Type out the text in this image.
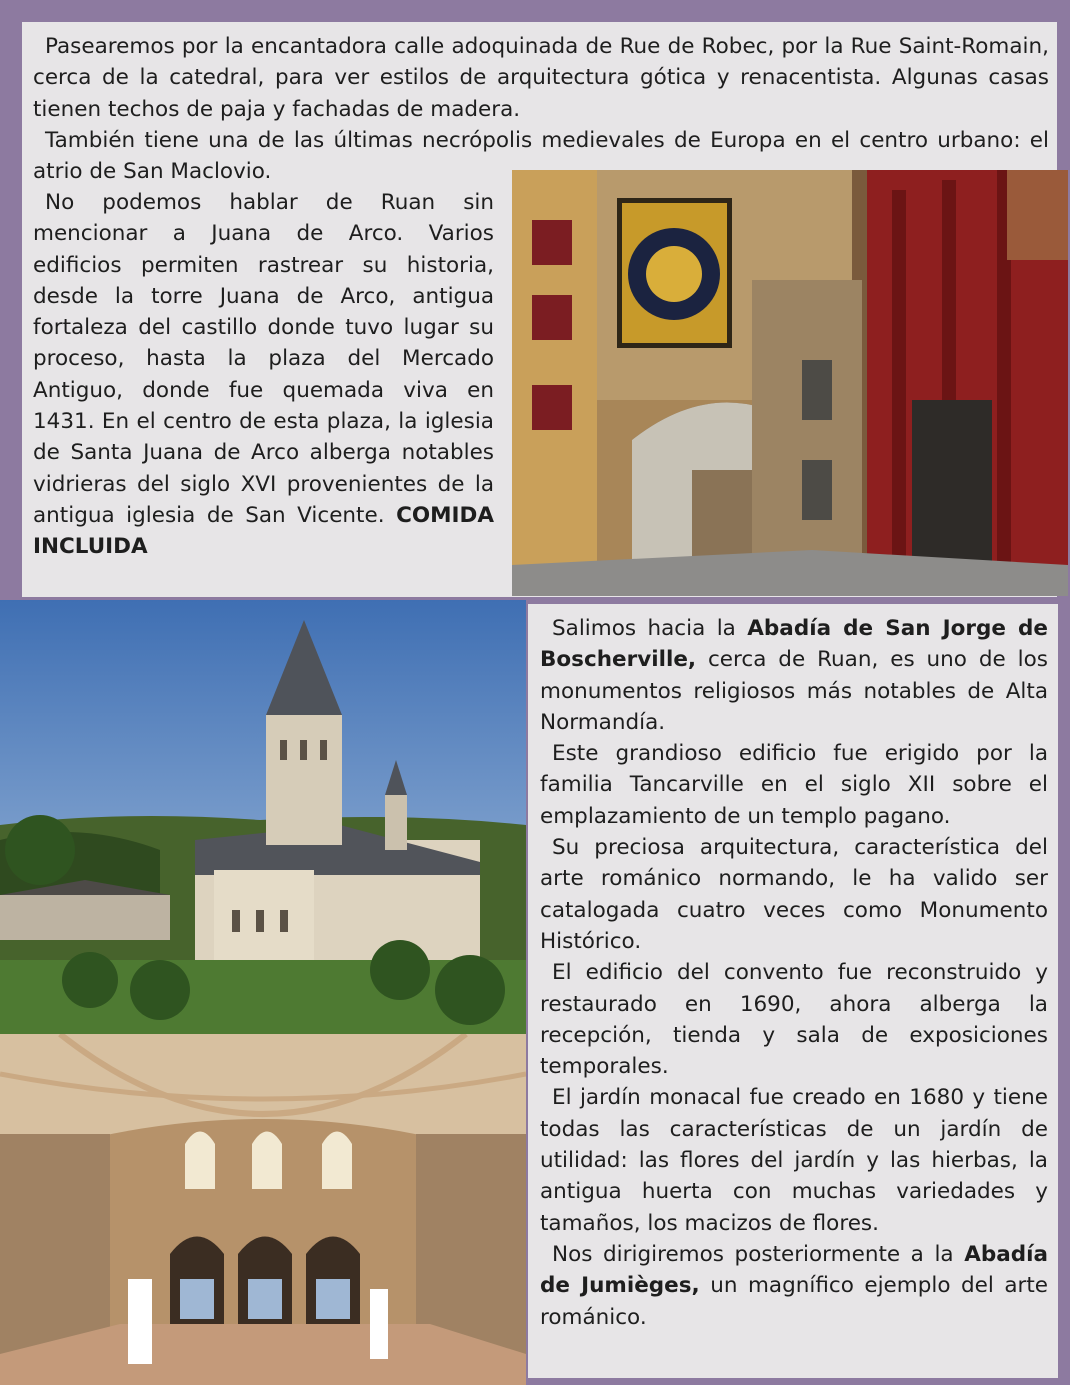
Pasearemos por la encantadora calle adoquinada de Rue de Robec, por la Rue Saint-Romain, cerca de la catedral, para ver estilos de arquitectura gótica y renacentista. Algunas casas tienen techos de paja y fachadas de madera.

También tiene una de las últimas necrópolis medievales de Europa en el centro urbano: el atrio de San Maclovio.

No podemos hablar de Ruan sin mencionar a Juana de Arco. Varios edificios permiten rastrear su historia, desde la torre Juana de Arco, antigua fortaleza del castillo donde tuvo lugar su proceso, hasta la plaza del Mercado Antiguo, donde fue quemada viva en 1431. En el centro de esta plaza, la iglesia de Santa Juana de Arco alberga notables vidrieras del siglo XVI provenientes de la antigua iglesia de San Vicente. COMIDA INCLUIDA

Salimos hacia la Abadía de San Jorge de Boscherville, cerca de Ruan, es uno de los monumentos religiosos más notables de Alta Normandía.

Este grandioso edificio fue erigido por la familia Tancarville en el siglo XII sobre el emplazamiento de un templo pagano.

Su preciosa arquitectura, característica del arte románico normando, le ha valido ser catalogada cuatro veces como Monumento Histórico.

El edificio del convento fue reconstruido y restaurado en 1690, ahora alberga la recepción, tienda y sala de exposiciones temporales.

El jardín monacal fue creado en 1680 y tiene todas las características de un jardín de utilidad: las flores del jardín y las hierbas, la antigua huerta con muchas variedades y tamaños, los macizos de flores.

Nos dirigiremos posteriormente a la Abadía de Jumièges, un magnífico ejemplo del arte románico.
